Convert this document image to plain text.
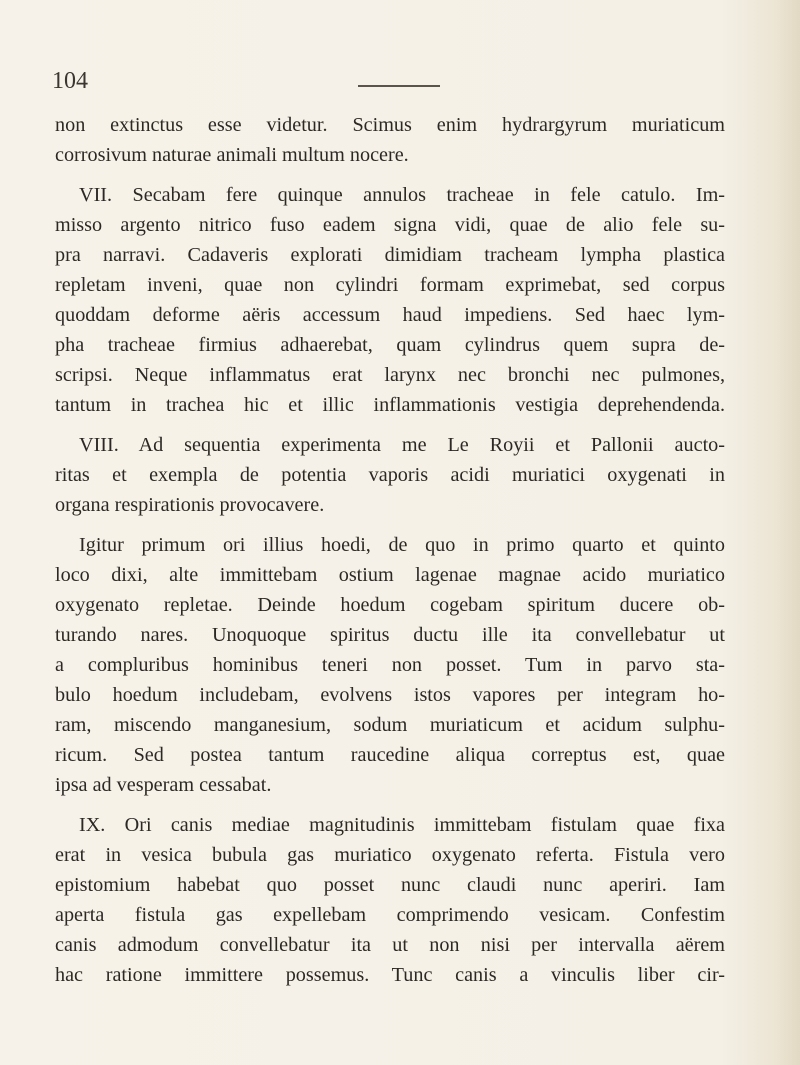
104
non extinctus esse videtur. Scimus enim hydrargyrum muriaticum
corrosivum naturae animali multum nocere.
VII. Secabam fere quinque annulos tracheae in fele catulo. Im-
misso argento nitrico fuso eadem signa vidi, quae de alio fele su-
pra narravi. Cadaveris explorati dimidiam tracheam lympha plastica
repletam inveni, quae non cylindri formam exprimebat, sed corpus
quoddam deforme aëris accessum haud impediens. Sed haec lym-
pha tracheae firmius adhaerebat, quam cylindrus quem supra de-
scripsi. Neque inflammatus erat larynx nec bronchi nec pulmones,
tantum in trachea hic et illic inflammationis vestigia deprehendenda.
VIII. Ad sequentia experimenta me Le Royii et Pallonii aucto-
ritas et exempla de potentia vaporis acidi muriatici oxygenati in
organa respirationis provocavere.
Igitur primum ori illius hoedi, de quo in primo quarto et quinto
loco dixi, alte immittebam ostium lagenae magnae acido muriatico
oxygenato repletae. Deinde hoedum cogebam spiritum ducere ob-
turando nares. Unoquoque spiritus ductu ille ita convellebatur ut
a compluribus hominibus teneri non posset. Tum in parvo sta-
bulo hoedum includebam, evolvens istos vapores per integram ho-
ram, miscendo manganesium, sodum muriaticum et acidum sulphu-
ricum. Sed postea tantum raucedine aliqua correptus est, quae
ipsa ad vesperam cessabat.
IX. Ori canis mediae magnitudinis immittebam fistulam quae fixa
erat in vesica bubula gas muriatico oxygenato referta. Fistula vero
epistomium habebat quo posset nunc claudi nunc aperiri. Iam
aperta fistula gas expellebam comprimendo vesicam. Confestim
canis admodum convellebatur ita ut non nisi per intervalla aërem
hac ratione immittere possemus. Tunc canis a vinculis liber cir-
